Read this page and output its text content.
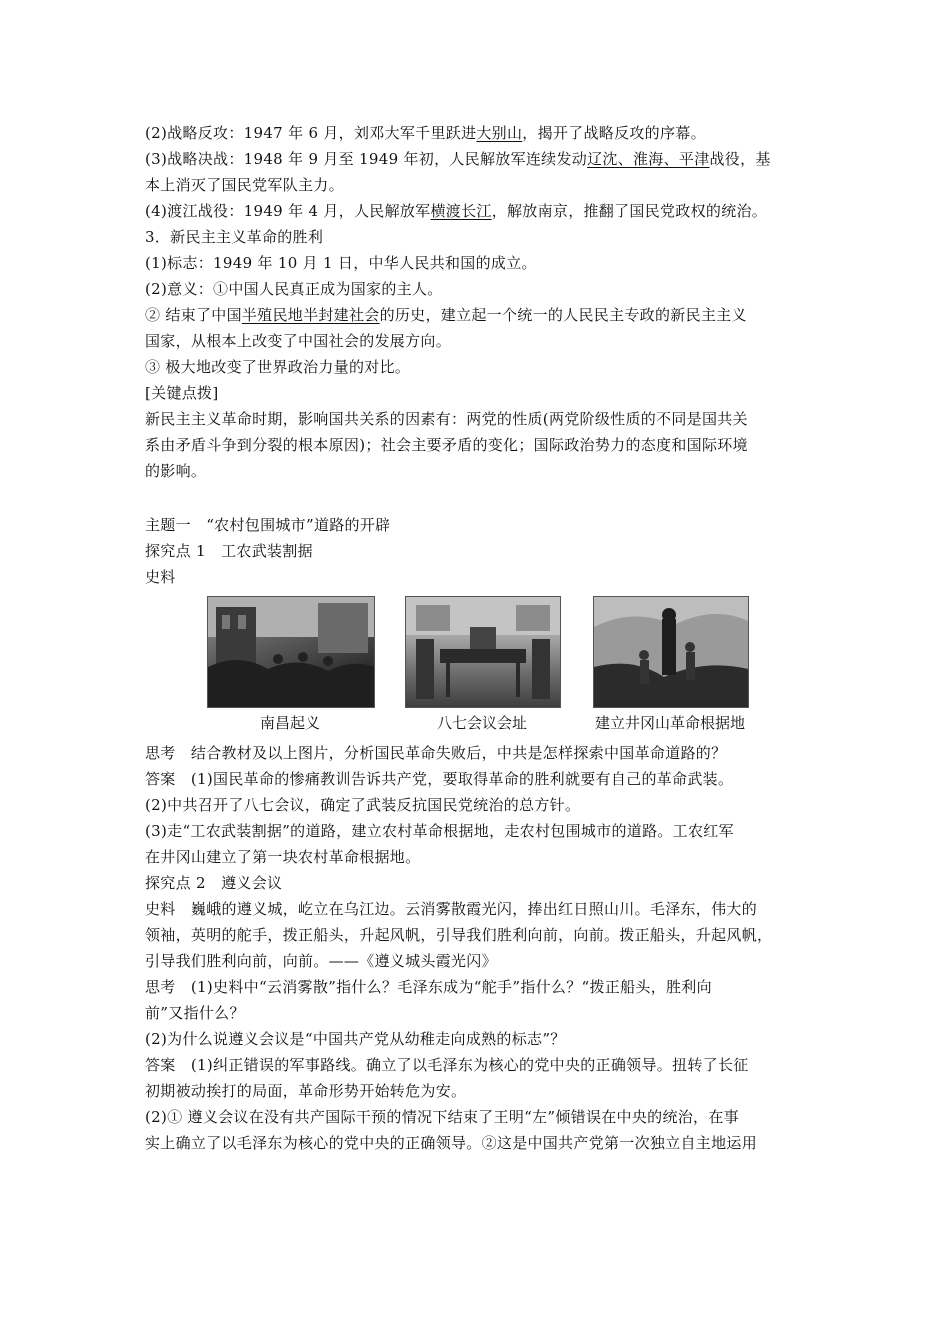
(2)战略反攻：1947 年 6 月，刘邓大军千里跃进大别山，揭开了战略反攻的序幕。
(3)战略决战：1948 年 9 月至 1949 年初，人民解放军连续发动辽沈、淮海、平津战役，基
本上消灭了国民党军队主力。
(4)渡江战役：1949 年 4 月，人民解放军横渡长江，解放南京，推翻了国民党政权的统治。
3．新民主主义革命的胜利
(1)标志：1949 年 10 月 1 日，中华人民共和国的成立。
(2)意义：①中国人民真正成为国家的主人。
② 结束了中国半殖民地半封建社会的历史，建立起一个统一的人民民主专政的新民主主义
国家，从根本上改变了中国社会的发展方向。
③ 极大地改变了世界政治力量的对比。
[关键点拨]
新民主主义革命时期，影响国共关系的因素有：两党的性质(两党阶级性质的不同是国共关
系由矛盾斗争到分裂的根本原因)；社会主要矛盾的变化；国际政治势力的态度和国际环境
的影响。
主题一　“农村包围城市”道路的开辟
探究点 1　工农武装割据
史料
南昌起义	八七会议会址	建立井冈山革命根据地
思考　结合教材及以上图片，分析国民革命失败后，中共是怎样探索中国革命道路的？
答案　(1)国民革命的惨痛教训告诉共产党，要取得革命的胜利就要有自己的革命武装。
(2)中共召开了八七会议，确定了武装反抗国民党统治的总方针。
(3)走“工农武装割据”的道路，建立农村革命根据地，走农村包围城市的道路。工农红军
在井冈山建立了第一块农村革命根据地。
探究点 2　遵义会议
史料　巍峨的遵义城，屹立在乌江边。云消雾散霞光闪，捧出红日照山川。毛泽东，伟大的
领袖，英明的舵手，拨正船头，升起风帆，引导我们胜利向前，向前。拨正船头，升起风帆，
引导我们胜利向前，向前。——《遵义城头霞光闪》
思考　(1)史料中“云消雾散”指什么？毛泽东成为“舵手”指什么？“拨正船头，胜利向
前”又指什么？
(2)为什么说遵义会议是“中国共产党从幼稚走向成熟的标志”？
答案　(1)纠正错误的军事路线。确立了以毛泽东为核心的党中央的正确领导。扭转了长征
初期被动挨打的局面，革命形势开始转危为安。
(2)① 遵义会议在没有共产国际干预的情况下结束了王明“左”倾错误在中央的统治，在事
实上确立了以毛泽东为核心的党中央的正确领导。②这是中国共产党第一次独立自主地运用
